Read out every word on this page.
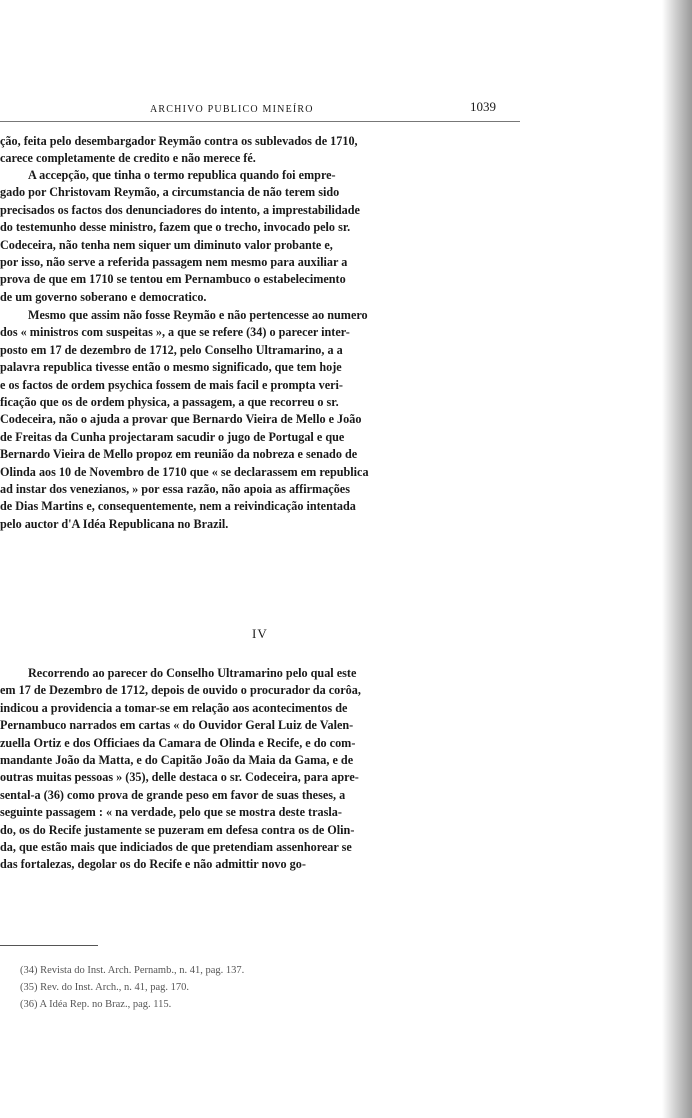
ARCHIVO PUBLICO MINEÍRO	1039
ção, feita pelo desembargador Reymão contra os sublevados de 1710,
carece completamente de credito e não merece fé.
A accepção, que tinha o termo republica quando foi empre-
gado por Christovam Reymão, a circumstancia de não terem sido
precisados os factos dos denunciadores do intento, a imprestabilidade
do testemunho desse ministro, fazem que o trecho, invocado pelo sr.
Codeceira, não tenha nem siquer um diminuto valor probante e,
por isso, não serve a referida passagem nem mesmo para auxiliar a
prova de que em 1710 se tentou em Pernambuco o estabelecimento
de um governo soberano e democratico.
Mesmo que assim não fosse Reymão e não pertencesse ao numero
dos « ministros com suspeitas », a que se refere (34) o parecer inter-
posto em 17 de dezembro de 1712, pelo Conselho Ultramarino, a a
palavra republica tivesse então o mesmo significado, que tem hoje
e os factos de ordem psychica fossem de mais facil e prompta veri-
ficação que os de ordem physica, a passagem, a que recorreu o sr.
Codeceira, não o ajuda a provar que Bernardo Vieira de Mello e João
de Freitas da Cunha projectaram sacudir o jugo de Portugal e que
Bernardo Vieira de Mello propoz em reunião da nobreza e senado de
Olinda aos 10 de Novembro de 1710 que « se declarassem em republica
ad instar dos venezianos, » por essa razão, não apoia as affirmações
de Dias Martins e, consequentemente, nem a reivindicação intentada
pelo auctor d'A Idéa Republicana no Brazil.
IV
Recorrendo ao parecer do Conselho Ultramarino pelo qual este
em 17 de Dezembro de 1712, depois de ouvido o procurador da corôa,
indicou a providencia a tomar-se em relação aos acontecimentos de
Pernambuco narrados em cartas « do Ouvidor Geral Luiz de Valen-
zuella Ortiz e dos Officiaes da Camara de Olinda e Recife, e do com-
mandante João da Matta, e do Capitão João da Maia da Gama, e de
outras muitas pessoas » (35), delle destaca o sr. Codeceira, para apre-
sental-a (36) como prova de grande peso em favor de suas theses, a
seguinte passagem : « na verdade, pelo que se mostra deste trasla-
do, os do Recife justamente se puzeram em defesa contra os de Olin-
da, que estão mais que indiciados de que pretendiam assenhorear se
das fortalezas, degolar os do Recife e não admittir novo go-
(34) Revista do Inst. Arch. Pernamb., n. 41, pag. 137.
(35) Rev. do Inst. Arch., n. 41, pag. 170.
(36) A Idéa Rep. no Braz., pag. 115.
